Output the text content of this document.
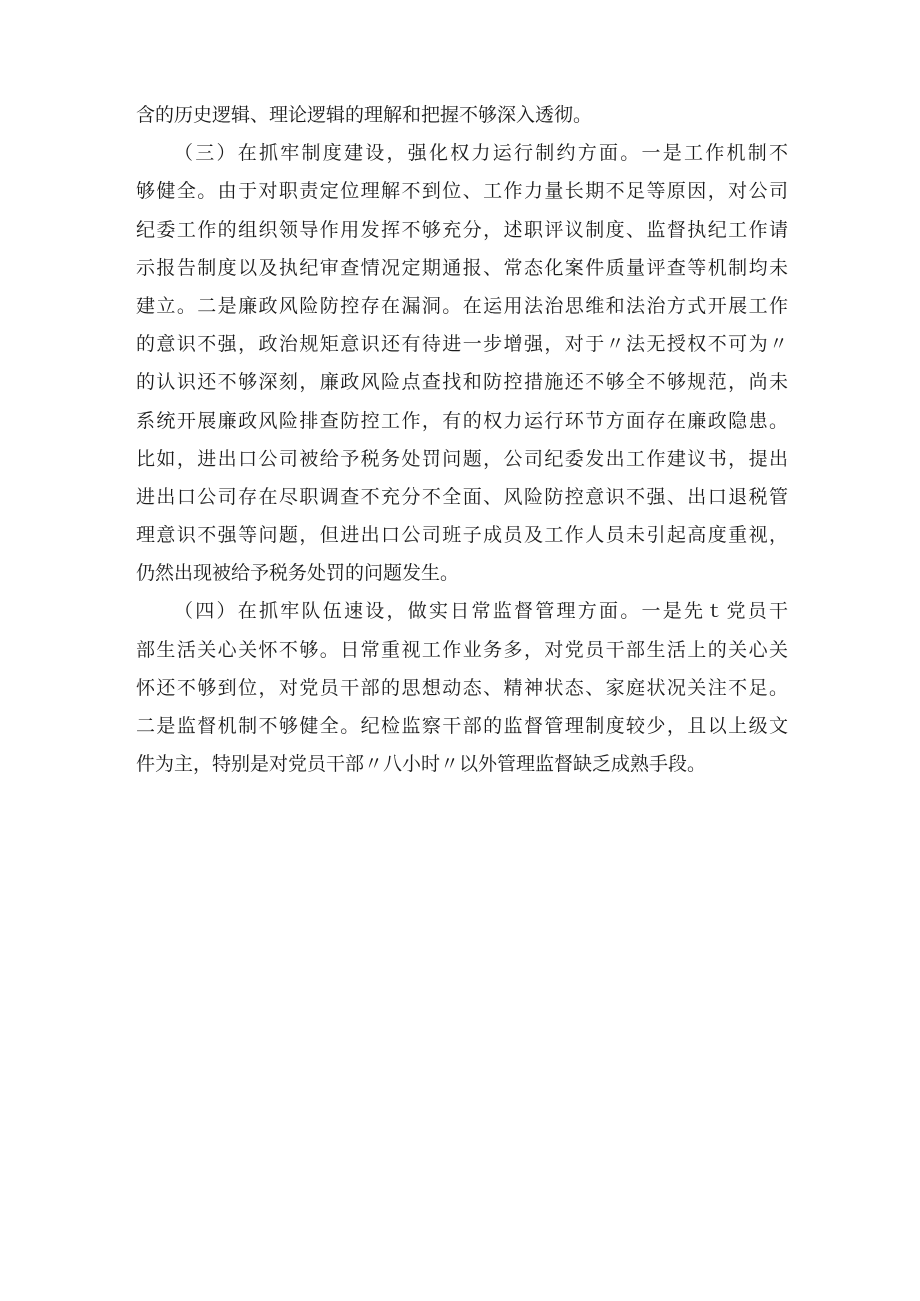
含的历史逻辑、理论逻辑的理解和把握不够深入透彻。
（三）在抓牢制度建设，强化权力运行制约方面。一是工作机制不
够健全。由于对职责定位理解不到位、工作力量长期不足等原因，对公司
纪委工作的组织领导作用发挥不够充分，述职评议制度、监督执纪工作请
示报告制度以及执纪审查情况定期通报、常态化案件质量评查等机制均未
建立。二是廉政风险防控存在漏洞。在运用法治思维和法治方式开展工作
的意识不强，政治规矩意识还有待进一步增强，对于〃法无授权不可为〃
的认识还不够深刻，廉政风险点查找和防控措施还不够全不够规范，尚未
系统开展廉政风险排查防控工作，有的权力运行环节方面存在廉政隐患。
比如，进出口公司被给予税务处罚问题，公司纪委发出工作建议书，提出
进出口公司存在尽职调查不充分不全面、风险防控意识不强、出口退税管
理意识不强等问题，但进出口公司班子成员及工作人员未引起高度重视，
仍然出现被给予税务处罚的问题发生。
（四）在抓牢队伍速设，做实日常监督管理方面。一是先ｔ党员干
部生活关心关怀不够。日常重视工作业务多，对党员干部生活上的关心关
怀还不够到位，对党员干部的思想动态、精神状态、家庭状况关注不足。
二是监督机制不够健全。纪检监察干部的监督管理制度较少，且以上级文
件为主，特别是对党员干部〃八小时〃以外管理监督缺乏成熟手段。
